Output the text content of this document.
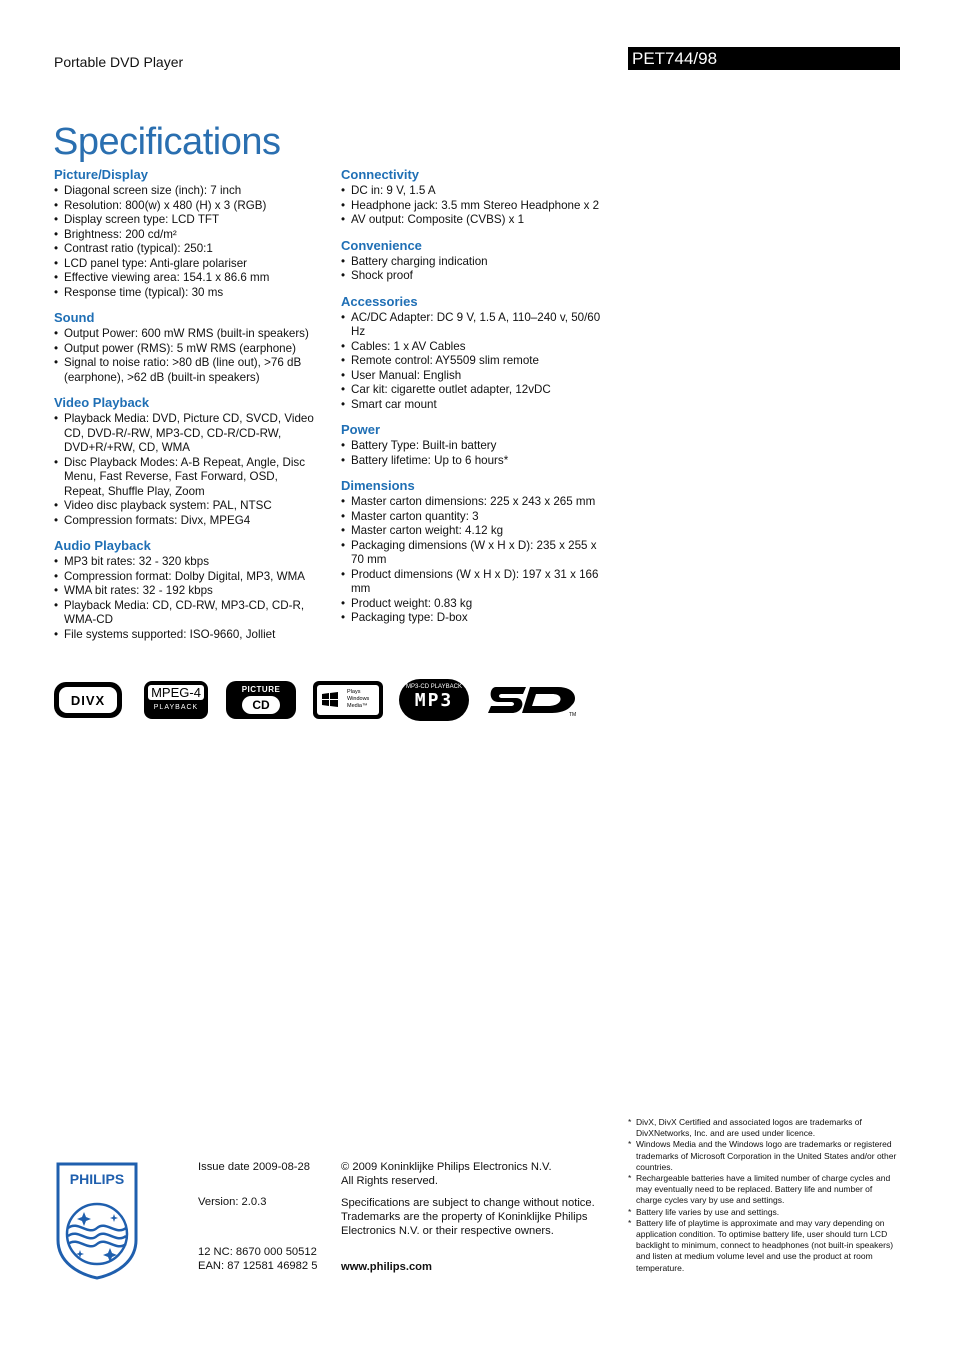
Portable DVD Player	PET744/98
Specifications
Picture/Display
• Diagonal screen size (inch): 7 inch
• Resolution: 800(w) x 480 (H) x 3 (RGB)
• Display screen type: LCD TFT
• Brightness: 200 cd/m²
• Contrast ratio (typical): 250:1
• LCD panel type: Anti-glare polariser
• Effective viewing area: 154.1 x 86.6 mm
• Response time (typical): 30 ms
Sound
• Output Power: 600 mW RMS (built-in speakers)
• Output power (RMS): 5 mW RMS (earphone)
• Signal to noise ratio: >80 dB (line out), >76 dB (earphone), >62 dB (built-in speakers)
Video Playback
• Playback Media: DVD, Picture CD, SVCD, Video CD, DVD-R/-RW, MP3-CD, CD-R/CD-RW, DVD+R/+RW, CD, WMA
• Disc Playback Modes: A-B Repeat, Angle, Disc Menu, Fast Reverse, Fast Forward, OSD, Repeat, Shuffle Play, Zoom
• Video disc playback system: PAL, NTSC
• Compression formats: Divx, MPEG4
Audio Playback
• MP3 bit rates: 32 - 320 kbps
• Compression format: Dolby Digital, MP3, WMA
• WMA bit rates: 32 - 192 kbps
• Playback Media: CD, CD-RW, MP3-CD, CD-R, WMA-CD
• File systems supported: ISO-9660, Jolliet
Connectivity
• DC in: 9 V, 1.5 A
• Headphone jack: 3.5 mm Stereo Headphone x 2
• AV output: Composite (CVBS) x 1
Convenience
• Battery charging indication
• Shock proof
Accessories
• AC/DC Adapter: DC 9 V, 1.5 A, 110–240 v, 50/60 Hz
• Cables: 1 x AV Cables
• Remote control: AY5509 slim remote
• User Manual: English
• Car kit: cigarette outlet adapter, 12vDC
• Smart car mount
Power
• Battery Type: Built-in battery
• Battery lifetime: Up to 6 hours*
Dimensions
• Master carton dimensions: 225 x 243 x 265 mm
• Master carton quantity: 3
• Master carton weight: 4.12 kg
• Packaging dimensions (W x H x D): 235 x 255 x 70 mm
• Product dimensions (W x H x D): 197 x 31 x 166 mm
• Product weight: 0.83 kg
• Packaging type: D-box
DIVX	MPEG-4
PLAYBACK
PICTURE
CD
Plays
Windows
Media™
MP3-CD PLAYBACK
MP3
TM
PHILIPS

Issue date 2009-08-28

Version: 2.0.3

12 NC: 8670 000 50512

EAN: 87 12581 46982 5

© 2009 Koninklijke Philips Electronics N.V.

All Rights reserved.

Specifications are subject to change without notice. Trademarks are the property of Koninklijke Philips Electronics N.V. or their respective owners.

www.philips.com

* DivX, DivX Certified and associated logos are trademarks of DivXNetworks, Inc. and are used under licence.
* Windows Media and the Windows logo are trademarks or registered trademarks of Microsoft Corporation in the United States and/or other countries.
* Rechargeable batteries have a limited number of charge cycles and may eventually need to be replaced. Battery life and number of charge cycles vary by use and settings.
* Battery life varies by use and settings.
* Battery life of playtime is approximate and may vary depending on application condition. To optimise battery life, user should turn LCD backlight to minimum, connect to headphones (not built-in speakers) and listen at medium volume level and use the product at room temperature.
